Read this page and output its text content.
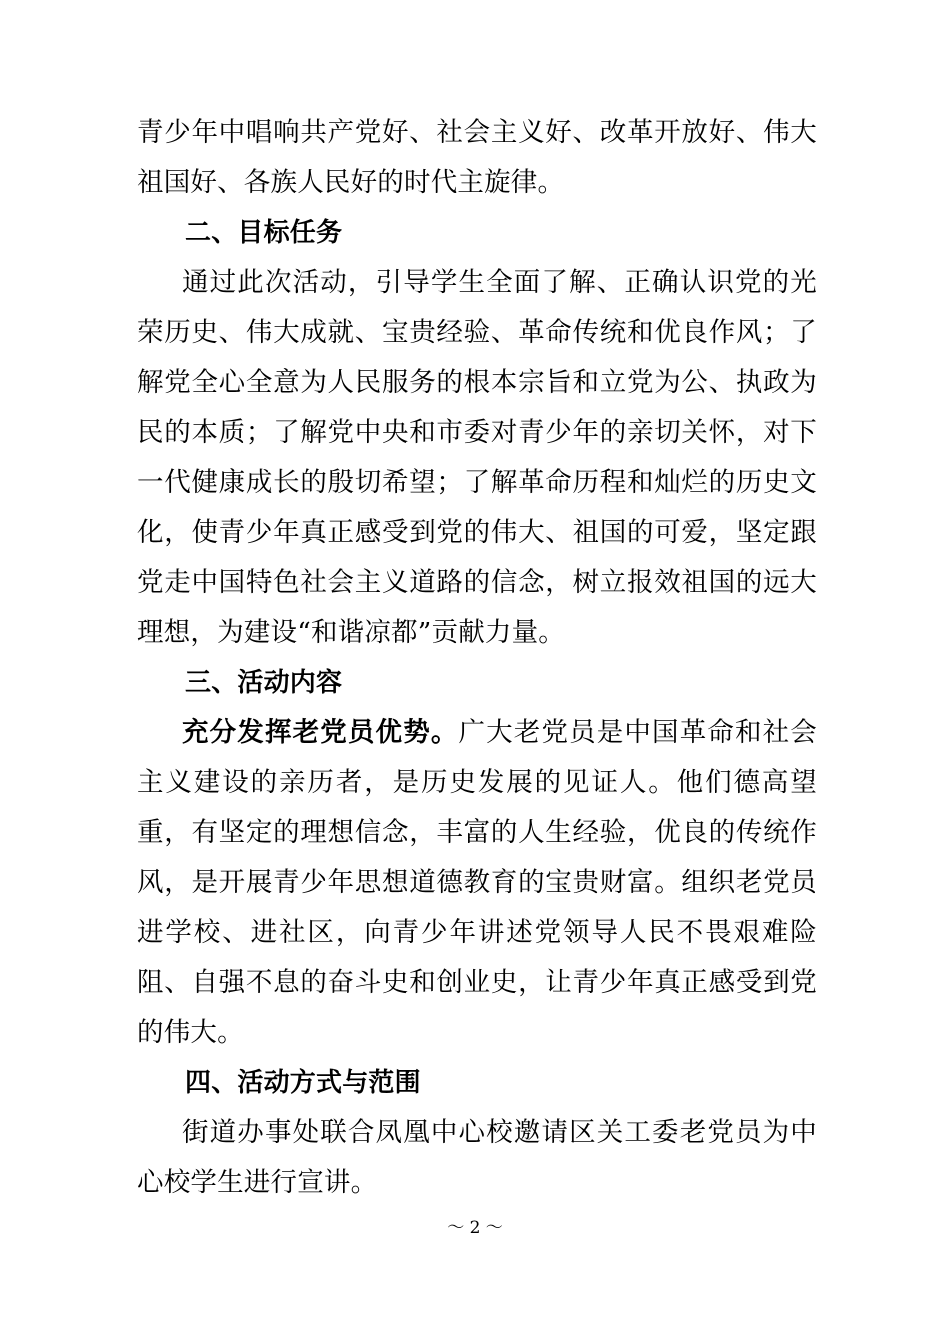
青少年中唱响共产党好、社会主义好、改革开放好、伟大祖国好、各族人民好的时代主旋律。

二、目标任务

通过此次活动，引导学生全面了解、正确认识党的光荣历史、伟大成就、宝贵经验、革命传统和优良作风；了解党全心全意为人民服务的根本宗旨和立党为公、执政为民的本质；了解党中央和市委对青少年的亲切关怀，对下一代健康成长的殷切希望；了解革命历程和灿烂的历史文化，使青少年真正感受到党的伟大、祖国的可爱，坚定跟党走中国特色社会主义道路的信念，树立报效祖国的远大理想，为建设“和谐凉都”贡献力量。

三、活动内容

充分发挥老党员优势。广大老党员是中国革命和社会主义建设的亲历者，是历史发展的见证人。他们德高望重，有坚定的理想信念，丰富的人生经验，优良的传统作风，是开展青少年思想道德教育的宝贵财富。组织老党员进学校、进社区，向青少年讲述党领导人民不畏艰难险阻、自强不息的奋斗史和创业史，让青少年真正感受到党的伟大。

四、活动方式与范围

街道办事处联合凤凰中心校邀请区关工委老党员为中心校学生进行宣讲。

～ 2 ～
